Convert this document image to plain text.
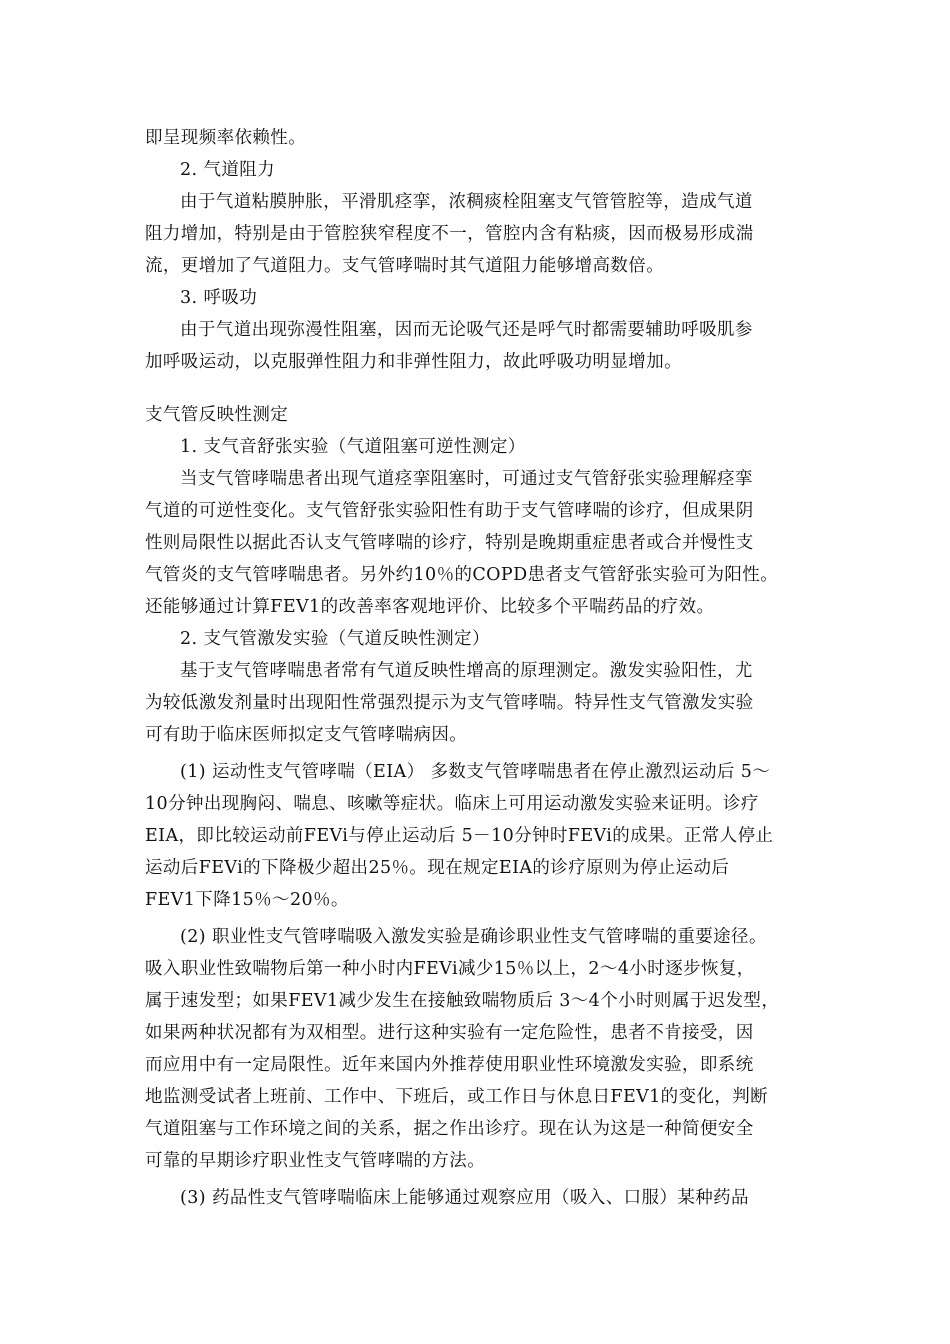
即呈现频率依赖性。
2. 气道阻力
由于气道粘膜肿胀，平滑肌痉挛，浓稠痰栓阻塞支气管管腔等，造成气道
阻力增加，特别是由于管腔狭窄程度不一，管腔内含有粘痰，因而极易形成湍
流，更增加了气道阻力。支气管哮喘时其气道阻力能够增高数倍。
3. 呼吸功
由于气道出现弥漫性阻塞，因而无论吸气还是呼气时都需要辅助呼吸肌参
加呼吸运动，以克服弹性阻力和非弹性阻力，故此呼吸功明显增加。
支气管反映性测定
1. 支气音舒张实验（气道阻塞可逆性测定）
当支气管哮喘患者出现气道痉挛阻塞时，可通过支气管舒张实验理解痉挛
气道的可逆性变化。支气管舒张实验阳性有助于支气管哮喘的诊疗，但成果阴
性则局限性以据此否认支气管哮喘的诊疗，特别是晚期重症患者或合并慢性支
气管炎的支气管哮喘患者。另外约10％的COPD患者支气管舒张实验可为阳性。
还能够通过计算FEV1的改善率客观地评价、比较多个平喘药品的疗效。
2. 支气管激发实验（气道反映性测定）
基于支气管哮喘患者常有气道反映性增高的原理测定。激发实验阳性，尤
为较低激发剂量时出现阳性常强烈提示为支气管哮喘。特异性支气管激发实验
可有助于临床医师拟定支气管哮喘病因。
(1) 运动性支气管哮喘（EIA） 多数支气管哮喘患者在停止激烈运动后 5～
10分钟出现胸闷、喘息、咳嗽等症状。临床上可用运动激发实验来证明。诊疗
EIA，即比较运动前FEVi与停止运动后 5－10分钟时FEVi的成果。正常人停止
运动后FEVi的下降极少超出25％。现在规定EIA的诊疗原则为停止运动后
FEV1下降15％～20％。
(2) 职业性支气管哮喘吸入激发实验是确诊职业性支气管哮喘的重要途径。
吸入职业性致喘物后第一种小时内FEVi减少15％以上，2～4小时逐步恢复，
属于速发型；如果FEV1减少发生在接触致喘物质后 3～4个小时则属于迟发型，
如果两种状况都有为双相型。进行这种实验有一定危险性，患者不肯接受，因
而应用中有一定局限性。近年来国内外推荐使用职业性环境激发实验，即系统
地监测受试者上班前、工作中、下班后，或工作日与休息日FEV1的变化，判断
气道阻塞与工作环境之间的关系，据之作出诊疗。现在认为这是一种简便安全
可靠的早期诊疗职业性支气管哮喘的方法。
(3) 药品性支气管哮喘临床上能够通过观察应用（吸入、口服）某种药品
